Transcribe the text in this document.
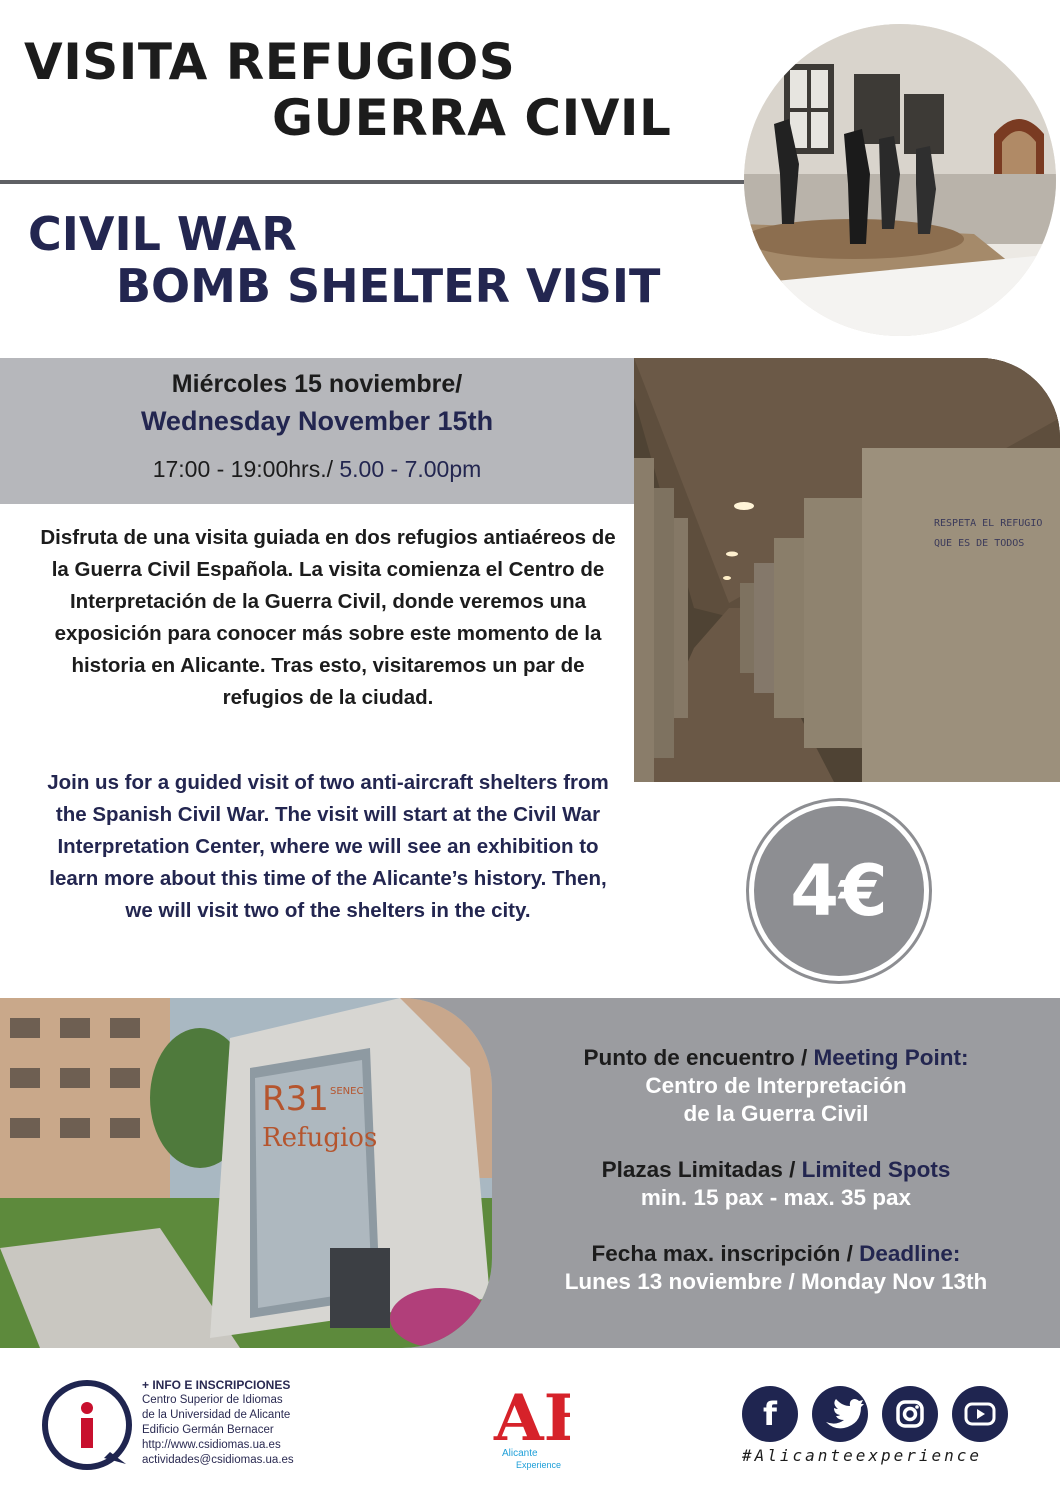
VISITA REFUGIOS
GUERRA CIVIL
CIVIL WAR
BOMB SHELTER VISIT
Miércoles 15 noviembre/
Wednesday November 15th
17:00 - 19:00hrs./ 5.00 - 7.00pm
RESPETA EL REFUGIO
QUE ES DE TODOS
Disfruta de una visita guiada en dos refugios antiaéreos de la Guerra Civil Española. La visita comienza el Centro de Interpretación de la Guerra Civil, donde veremos una exposición para conocer más sobre este momento de la historia en Alicante. Tras esto, visitaremos un par de refugios de la ciudad.
Join us for a guided visit of two anti-aircraft shelters from the Spanish Civil War. The visit will start at the Civil War Interpretation Center, where we will see an exhibition to learn more about this time of the Alicante’s history. Then, we will visit two of the shelters in the city.	4€
R31 SENEC
Refugios
Punto de encuentro / Meeting Point:
Centro de Interpretación
de la Guerra Civil
Plazas Limitadas / Limited Spots
min. 15 pax - max. 35 pax
Fecha max. inscripción / Deadline:
Lunes 13 noviembre / Monday Nov 13th
+ INFO E INSCRIPCIONES
Centro Superior de Idiomas
de la Universidad de Alicante
Edificio Germán Bernacer
http://www.csidiomas.ua.es
actividades@csidiomas.ua.es
AE
Alicante
Experience
f
#Alicanteexperience
